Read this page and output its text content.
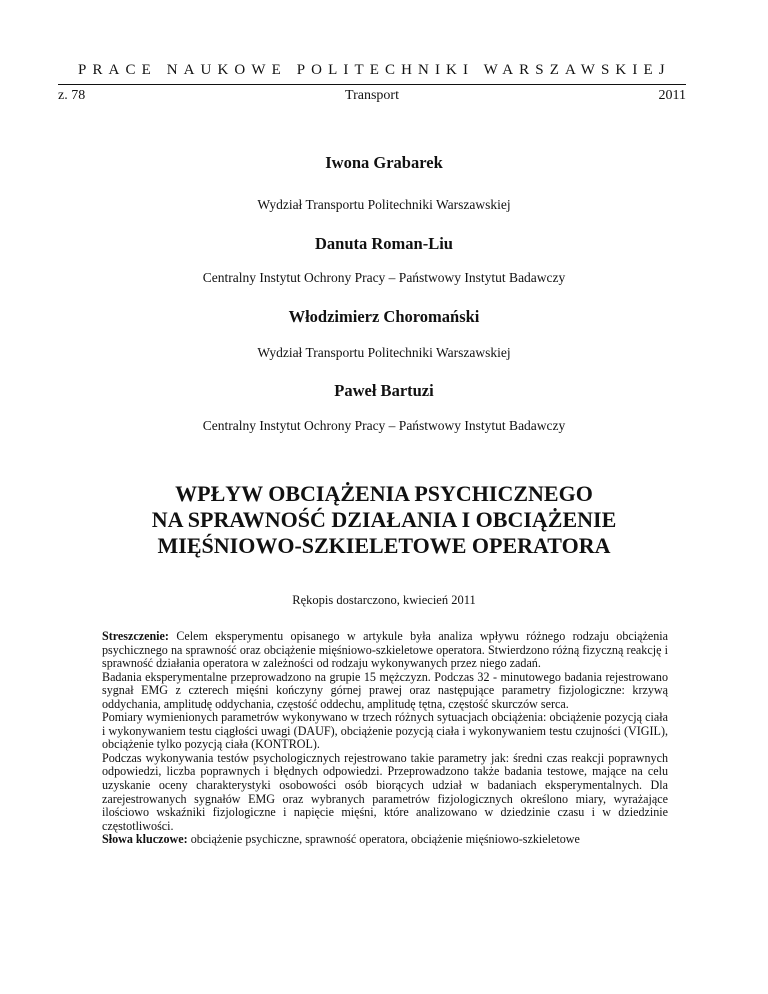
PRACE NAUKOWE POLITECHNIKI WARSZAWSKIEJ
z. 78	Transport	2011
Iwona Grabarek
Wydział Transportu Politechniki Warszawskiej
Danuta Roman-Liu
Centralny Instytut Ochrony Pracy – Państwowy Instytut Badawczy
Włodzimierz Choromański
Wydział Transportu Politechniki Warszawskiej
Paweł Bartuzi
Centralny Instytut Ochrony Pracy – Państwowy Instytut Badawczy
WPŁYW OBCIĄŻENIA PSYCHICZNEGO
NA SPRAWNOŚĆ DZIAŁANIA I OBCIĄŻENIE
MIĘŚNIOWO-SZKIELETOWE OPERATORA
Rękopis dostarczono, kwiecień 2011

Streszczenie: Celem eksperymentu opisanego w artykule była analiza wpływu różnego rodzaju obciążenia psychicznego na sprawność oraz obciążenie mięśniowo-szkieletowe operatora. Stwierdzono różną fizyczną reakcję i sprawność działania operatora w zależności od rodzaju wykonywanych przez niego zadań.

Badania eksperymentalne przeprowadzono na grupie 15 mężczyzn. Podczas 32 - minutowego badania rejestrowano sygnał EMG z czterech mięśni kończyny górnej prawej oraz następujące parametry fizjologiczne: krzywą oddychania, amplitudę oddychania, częstość oddechu, amplitudę tętna, częstość skurczów serca.

Pomiary wymienionych parametrów wykonywano w trzech różnych sytuacjach obciążenia: obciążenie pozycją ciała i wykonywaniem testu ciągłości uwagi (DAUF), obciążenie pozycją ciała i wykonywaniem testu czujności (VIGIL), obciążenie tylko pozycją ciała (KONTROL).

Podczas wykonywania testów psychologicznych rejestrowano takie parametry jak: średni czas reakcji poprawnych odpowiedzi, liczba poprawnych i błędnych odpowiedzi. Przeprowadzono także badania testowe, mające na celu uzyskanie oceny charakterystyki osobowości osób biorących udział w badaniach eksperymentalnych. Dla zarejestrowanych sygnałów EMG oraz wybranych parametrów fizjologicznych określono miary, wyrażające ilościowo wskaźniki fizjologiczne i napięcie mięśni, które analizowano w dziedzinie czasu i w dziedzinie częstotliwości.

Słowa kluczowe: obciążenie psychiczne, sprawność operatora, obciążenie mięśniowo-szkieletowe
